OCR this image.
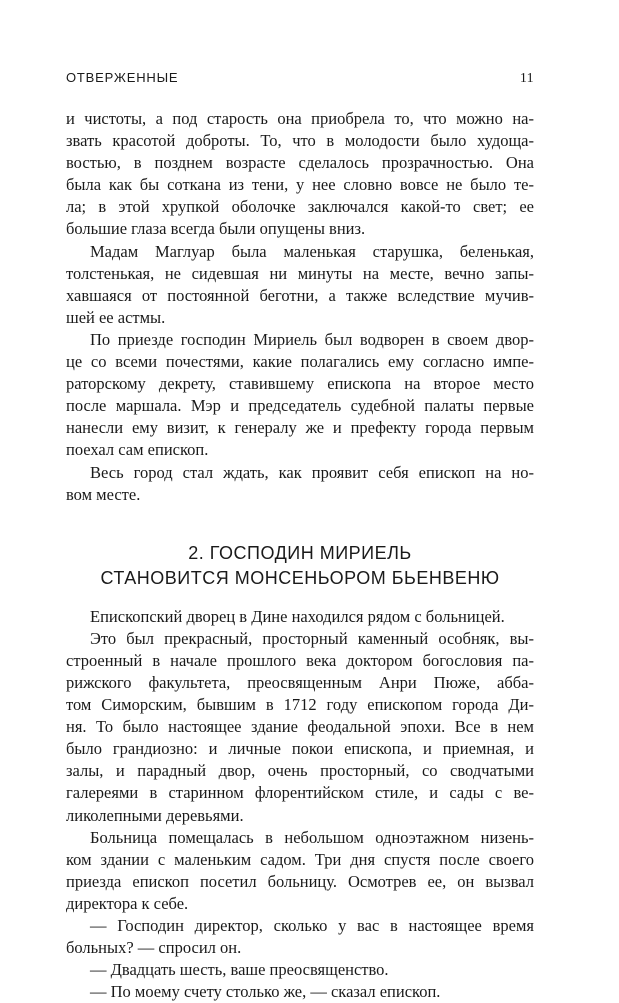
ОТВЕРЖЕННЫЕ	11
и чистоты, а под старость она приобрела то, что можно на-
звать красотой доброты. То, что в молодости было худоща-
востью, в позднем возрасте сделалось прозрачностью. Она
была как бы соткана из тени, у нее словно вовсе не было те-
ла; в этой хрупкой оболочке заключался какой-то свет; ее
большие глаза всегда были опущены вниз.
Мадам Маглуар была маленькая старушка, беленькая,
толстенькая, не сидевшая ни минуты на месте, вечно запы-
хавшаяся от постоянной беготни, а также вследствие мучив-
шей ее астмы.
По приезде господин Мириель был водворен в своем двор-
це со всеми почестями, какие полагались ему согласно импе-
раторскому декрету, ставившему епископа на второе место
после маршала. Мэр и председатель судебной палаты первые
нанесли ему визит, к генералу же и префекту города первым
поехал сам епископ.
Весь город стал ждать, как проявит себя епископ на но-
вом месте.
2. ГОСПОДИН МИРИЕЛЬ
СТАНОВИТСЯ МОНСЕНЬОРОМ БЬЕНВЕНЮ
Епископский дворец в Дине находился рядом с больницей.
Это был прекрасный, просторный каменный особняк, вы-
строенный в начале прошлого века доктором богословия па-
рижского факультета, преосвященным Анри Пюже, абба-
том Симорским, бывшим в 1712 году епископом города Ди-
ня. То было настоящее здание феодальной эпохи. Все в нем
было грандиозно: и личные покои епископа, и приемная, и
залы, и парадный двор, очень просторный, со сводчатыми
галереями в старинном флорентийском стиле, и сады с ве-
ликолепными деревьями.
Больница помещалась в небольшом одноэтажном низень-
ком здании с маленьким садом. Три дня спустя после своего
приезда епископ посетил больницу. Осмотрев ее, он вызвал
директора к себе.
— Господин директор, сколько у вас в настоящее время
больных? — спросил он.
— Двадцать шесть, ваше преосвященство.
— По моему счету столько же, — сказал епископ.
